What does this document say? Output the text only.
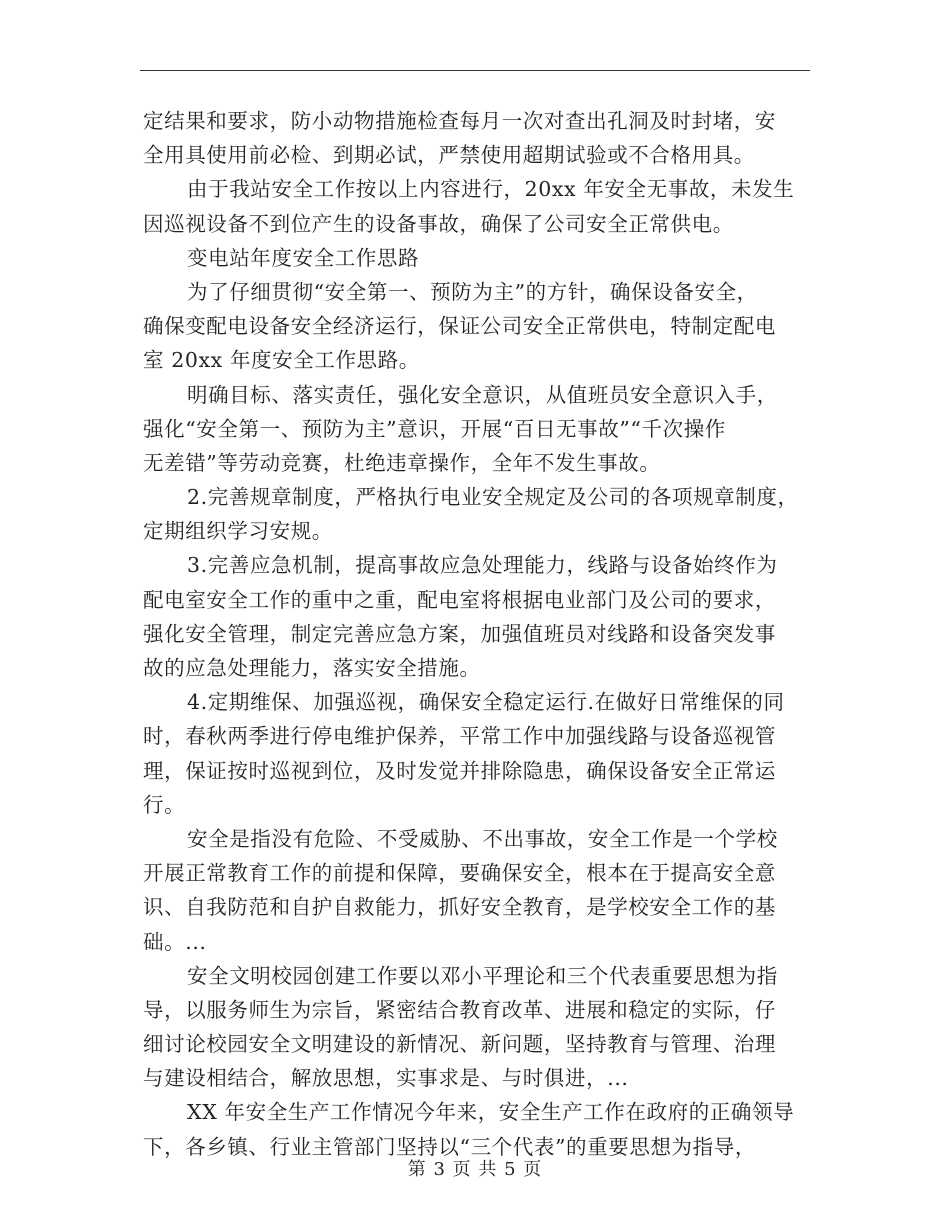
定结果和要求，防小动物措施检查每月一次对查出孔洞及时封堵，安
全用具使用前必检、到期必试，严禁使用超期试验或不合格用具。
由于我站安全工作按以上内容进行，20xx 年安全无事故，未发生
因巡视设备不到位产生的设备事故，确保了公司安全正常供电。
变电站年度安全工作思路
为了仔细贯彻“安全第一、预防为主”的方针，确保设备安全，
确保变配电设备安全经济运行，保证公司安全正常供电，特制定配电
室 20xx 年度安全工作思路。
明确目标、落实责任，强化安全意识，从值班员安全意识入手，
强化“安全第一、预防为主”意识，开展“百日无事故”“千次操作
无差错”等劳动竞赛，杜绝违章操作，全年不发生事故。
2.完善规章制度，严格执行电业安全规定及公司的各项规章制度，
定期组织学习安规。
3.完善应急机制，提高事故应急处理能力，线路与设备始终作为
配电室安全工作的重中之重，配电室将根据电业部门及公司的要求，
强化安全管理，制定完善应急方案，加强值班员对线路和设备突发事
故的应急处理能力，落实安全措施。
4.定期维保、加强巡视，确保安全稳定运行.在做好日常维保的同
时，春秋两季进行停电维护保养，平常工作中加强线路与设备巡视管
理，保证按时巡视到位，及时发觉并排除隐患，确保设备安全正常运
行。
安全是指没有危险、不受威胁、不出事故，安全工作是一个学校
开展正常教育工作的前提和保障，要确保安全，根本在于提高安全意
识、自我防范和自护自救能力，抓好安全教育，是学校安全工作的基
础。...
安全文明校园创建工作要以邓小平理论和三个代表重要思想为指
导，以服务师生为宗旨，紧密结合教育改革、进展和稳定的实际，仔
细讨论校园安全文明建设的新情况、新问题，坚持教育与管理、治理
与建设相结合，解放思想，实事求是、与时俱进，...
XX 年安全生产工作情况今年来，安全生产工作在政府的正确领导
下，各乡镇、行业主管部门坚持以“三个代表”的重要思想为指导，
第 3 页 共 5 页
